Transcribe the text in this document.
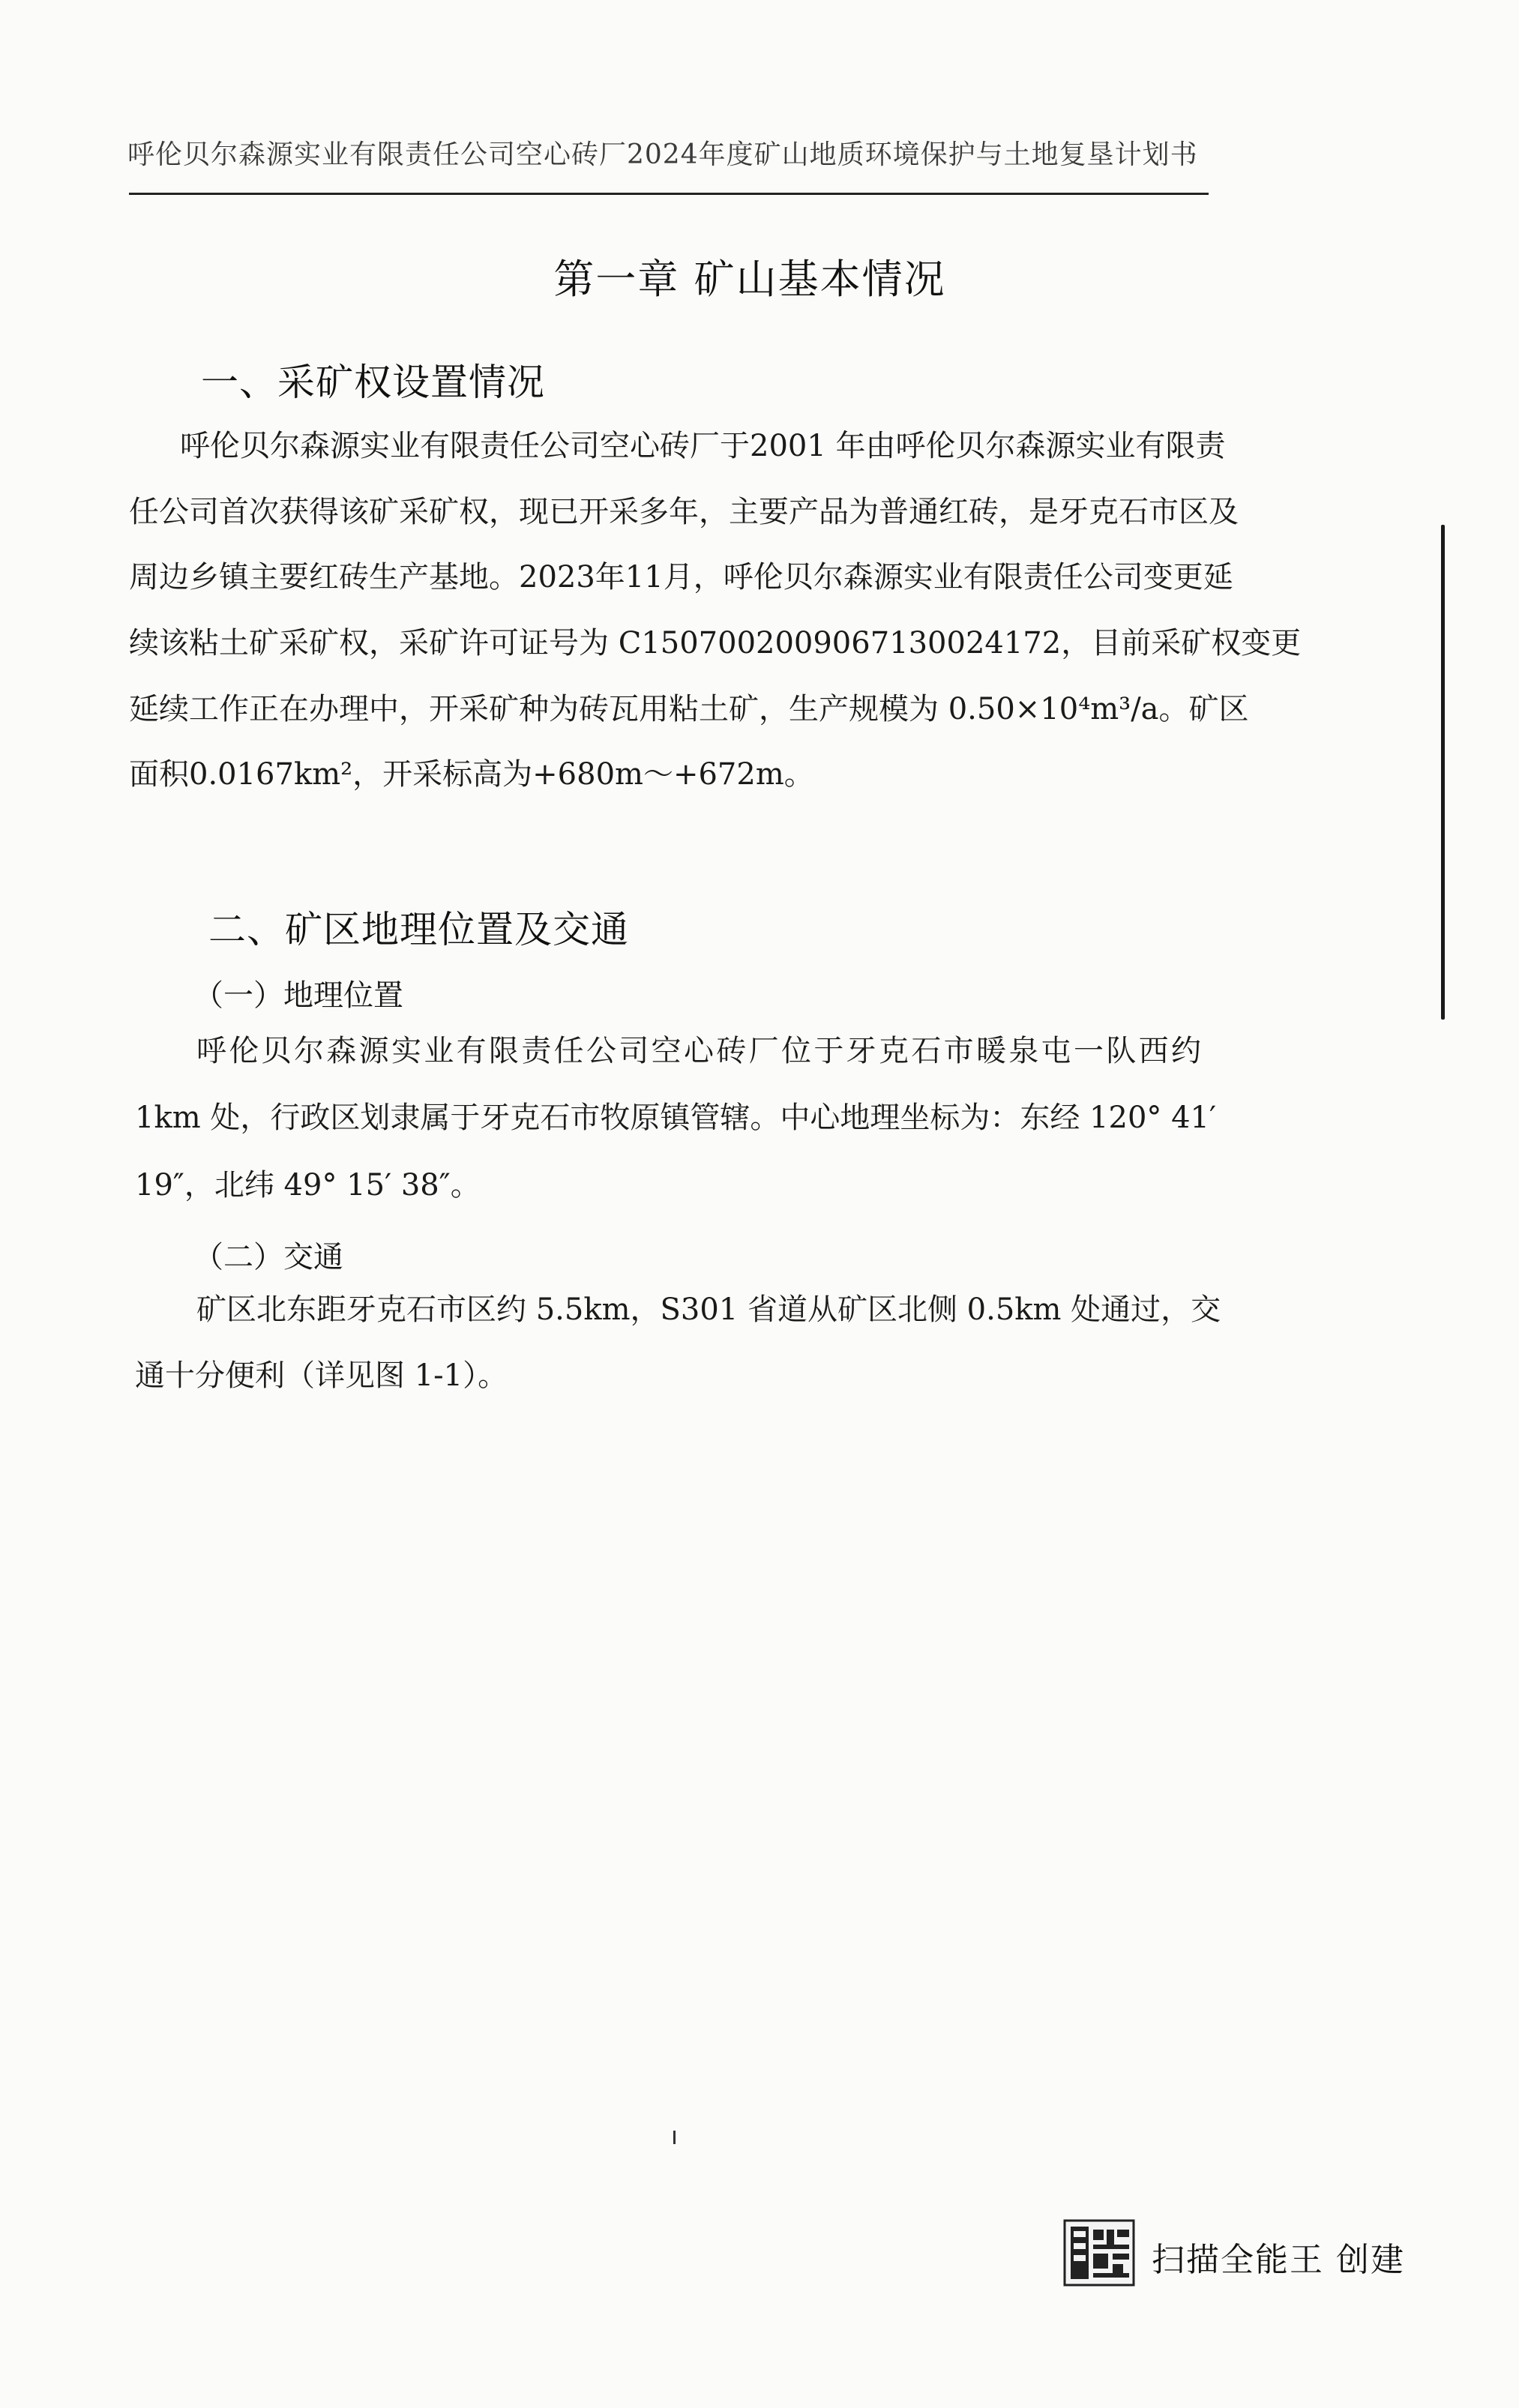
呼伦贝尔森源实业有限责任公司空心砖厂2024年度矿山地质环境保护与土地复垦计划书
第一章 矿山基本情况
一、采矿权设置情况
呼伦贝尔森源实业有限责任公司空心砖厂于2001 年由呼伦贝尔森源实业有限责
任公司首次获得该矿采矿权，现已开采多年，主要产品为普通红砖，是牙克石市区及
周边乡镇主要红砖生产基地。2023年11月，呼伦贝尔森源实业有限责任公司变更延
续该粘土矿采矿权，采矿许可证号为 C1507002009067130024172，目前采矿权变更
延续工作正在办理中，开采矿种为砖瓦用粘土矿，生产规模为 0.50×10⁴m³/a。矿区
面积0.0167km²，开采标高为+680m～+672m。
二、矿区地理位置及交通
（一）地理位置
呼伦贝尔森源实业有限责任公司空心砖厂位于牙克石市暖泉屯一队西约
1km 处，行政区划隶属于牙克石市牧原镇管辖。中心地理坐标为：东经 120° 41′
19″，北纬 49° 15′ 38″。
（二）交通
矿区北东距牙克石市区约 5.5km，S301 省道从矿区北侧 0.5km 处通过，交
通十分便利（详见图 1-1）。
扫描全能王 创建
